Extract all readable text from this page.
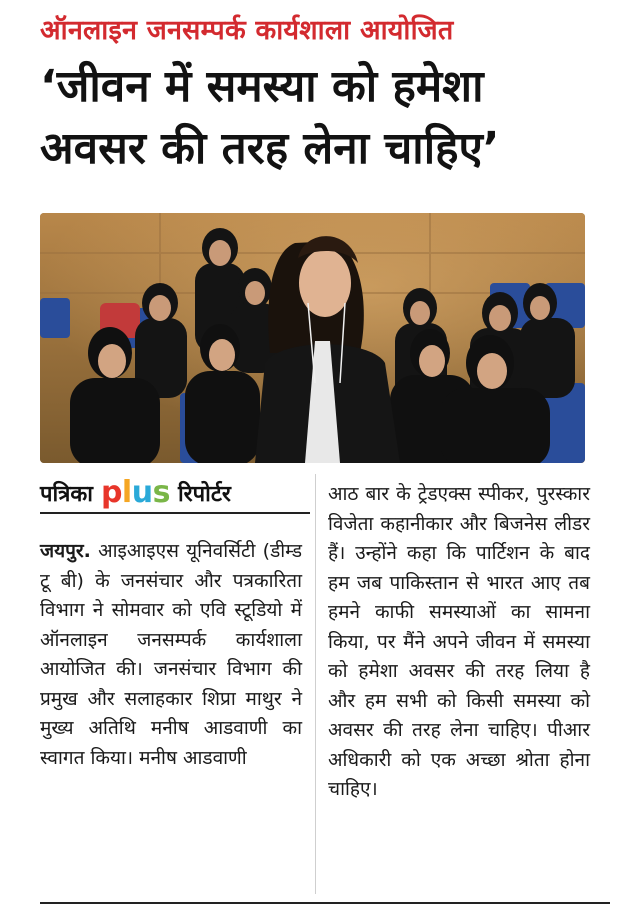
ऑनलाइन जनसम्पर्क कार्यशाला आयोजित
‘जीवन में समस्या को हमेशा
अवसर की तरह लेना चाहिए’
पत्रिका plus रिपोर्टर
जयपुर. आइआइएस यूनिवर्सिटी (डीम्ड टू बी) के जनसंचार और पत्रकारिता विभाग ने सोमवार को एवि स्टूडियो में ऑनलाइन जनसम्पर्क कार्यशाला आयोजित की। जनसंचार विभाग की प्रमुख और सलाहकार शिप्रा माथुर ने मुख्य अतिथि मनीष आडवाणी का स्वागत किया। मनीष आडवाणी
आठ बार के ट्रेडएक्स स्पीकर, पुरस्कार विजेता कहानीकार और बिजनेस लीडर हैं। उन्होंने कहा कि पार्टिशन के बाद हम जब पाकिस्तान से भारत आए तब हमने काफी समस्याओं का सामना किया, पर मैंने अपने जीवन में समस्या को हमेशा अवसर की तरह लिया है और हम सभी को किसी समस्या को अवसर की तरह लेना चाहिए। पीआर अधिकारी को एक अच्छा श्रोता होना चाहिए।
